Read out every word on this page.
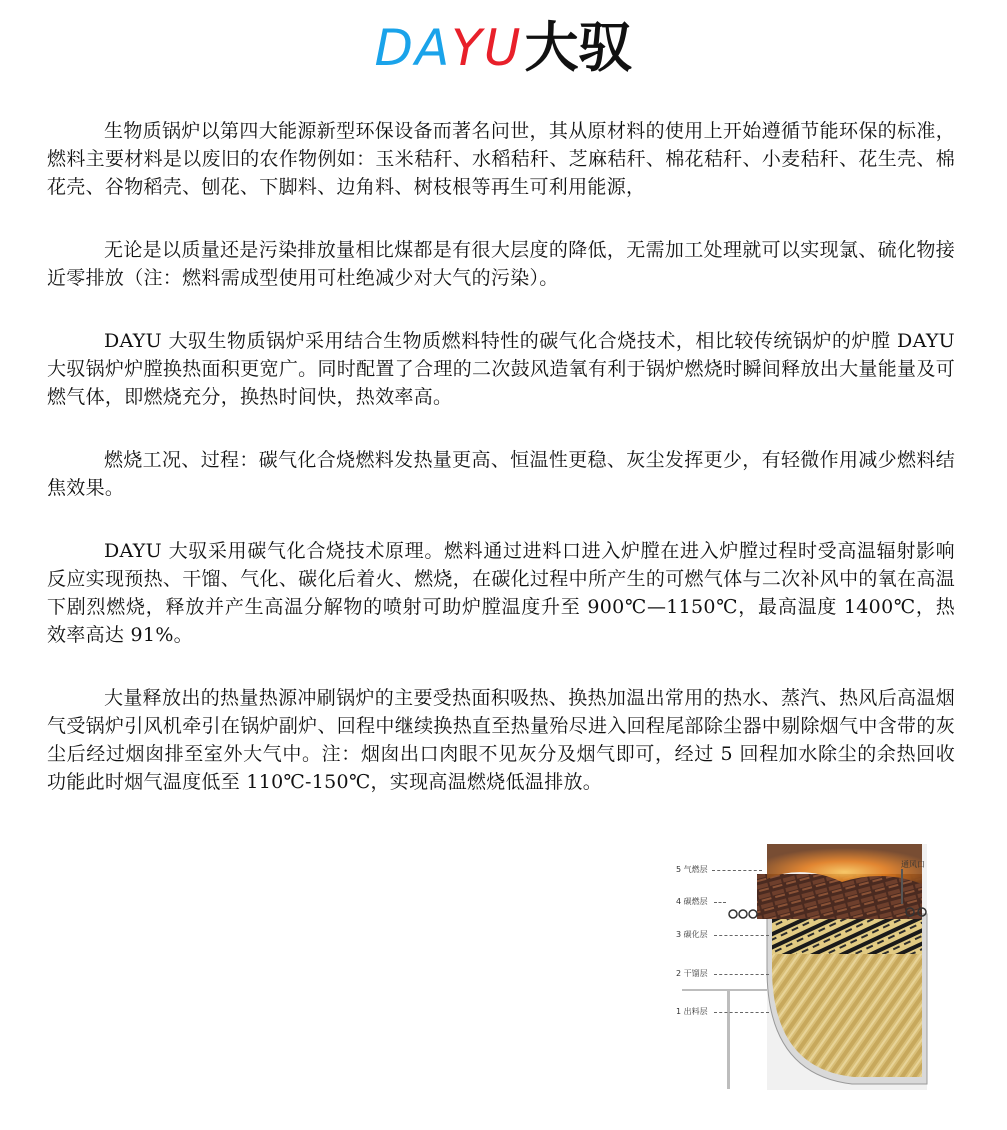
DAYU 大驭

生物质锅炉以第四大能源新型环保设备而著名问世，其从原材料的使用上开始遵循节能环保的标准，燃料主要材料是以废旧的农作物例如：玉米秸秆、水稻秸秆、芝麻秸秆、棉花秸秆、小麦秸秆、花生壳、棉花壳、谷物稻壳、刨花、下脚料、边角料、树枝根等再生可利用能源，

无论是以质量还是污染排放量相比煤都是有很大层度的降低，无需加工处理就可以实现氯、硫化物接近零排放（注：燃料需成型使用可杜绝减少对大气的污染）。

DAYU 大驭生物质锅炉采用结合生物质燃料特性的碳气化合烧技术，相比较传统锅炉的炉膛 DAYU 大驭锅炉炉膛换热面积更宽广。同时配置了合理的二次鼓风造氧有利于锅炉燃烧时瞬间释放出大量能量及可燃气体，即燃烧充分，换热时间快，热效率高。

燃烧工况、过程：碳气化合烧燃料发热量更高、恒温性更稳、灰尘发挥更少，有轻微作用减少燃料结焦效果。

DAYU 大驭采用碳气化合烧技术原理。燃料通过进料口进入炉膛在进入炉膛过程时受高温辐射影响反应实现预热、干馏、气化、碳化后着火、燃烧，在碳化过程中所产生的可燃气体与二次补风中的氧在高温下剧烈燃烧，释放并产生高温分解物的喷射可助炉膛温度升至 900℃—1150℃，最高温度 1400℃，热效率高达 91%。

大量释放出的热量热源冲刷锅炉的主要受热面积吸热、换热加温出常用的热水、蒸汽、热风后高温烟气受锅炉引风机牵引在锅炉副炉、回程中继续换热直至热量殆尽进入回程尾部除尘器中剔除烟气中含带的灰尘后经过烟囱排至室外大气中。注：烟囱出口肉眼不见灰分及烟气即可，经过 5 回程加水除尘的余热回收功能此时烟气温度低至 110℃-150℃，实现高温燃烧低温排放。

5 气燃层
4 碳燃层
3 碳化层
2 干馏层
1 出料层
通风口
